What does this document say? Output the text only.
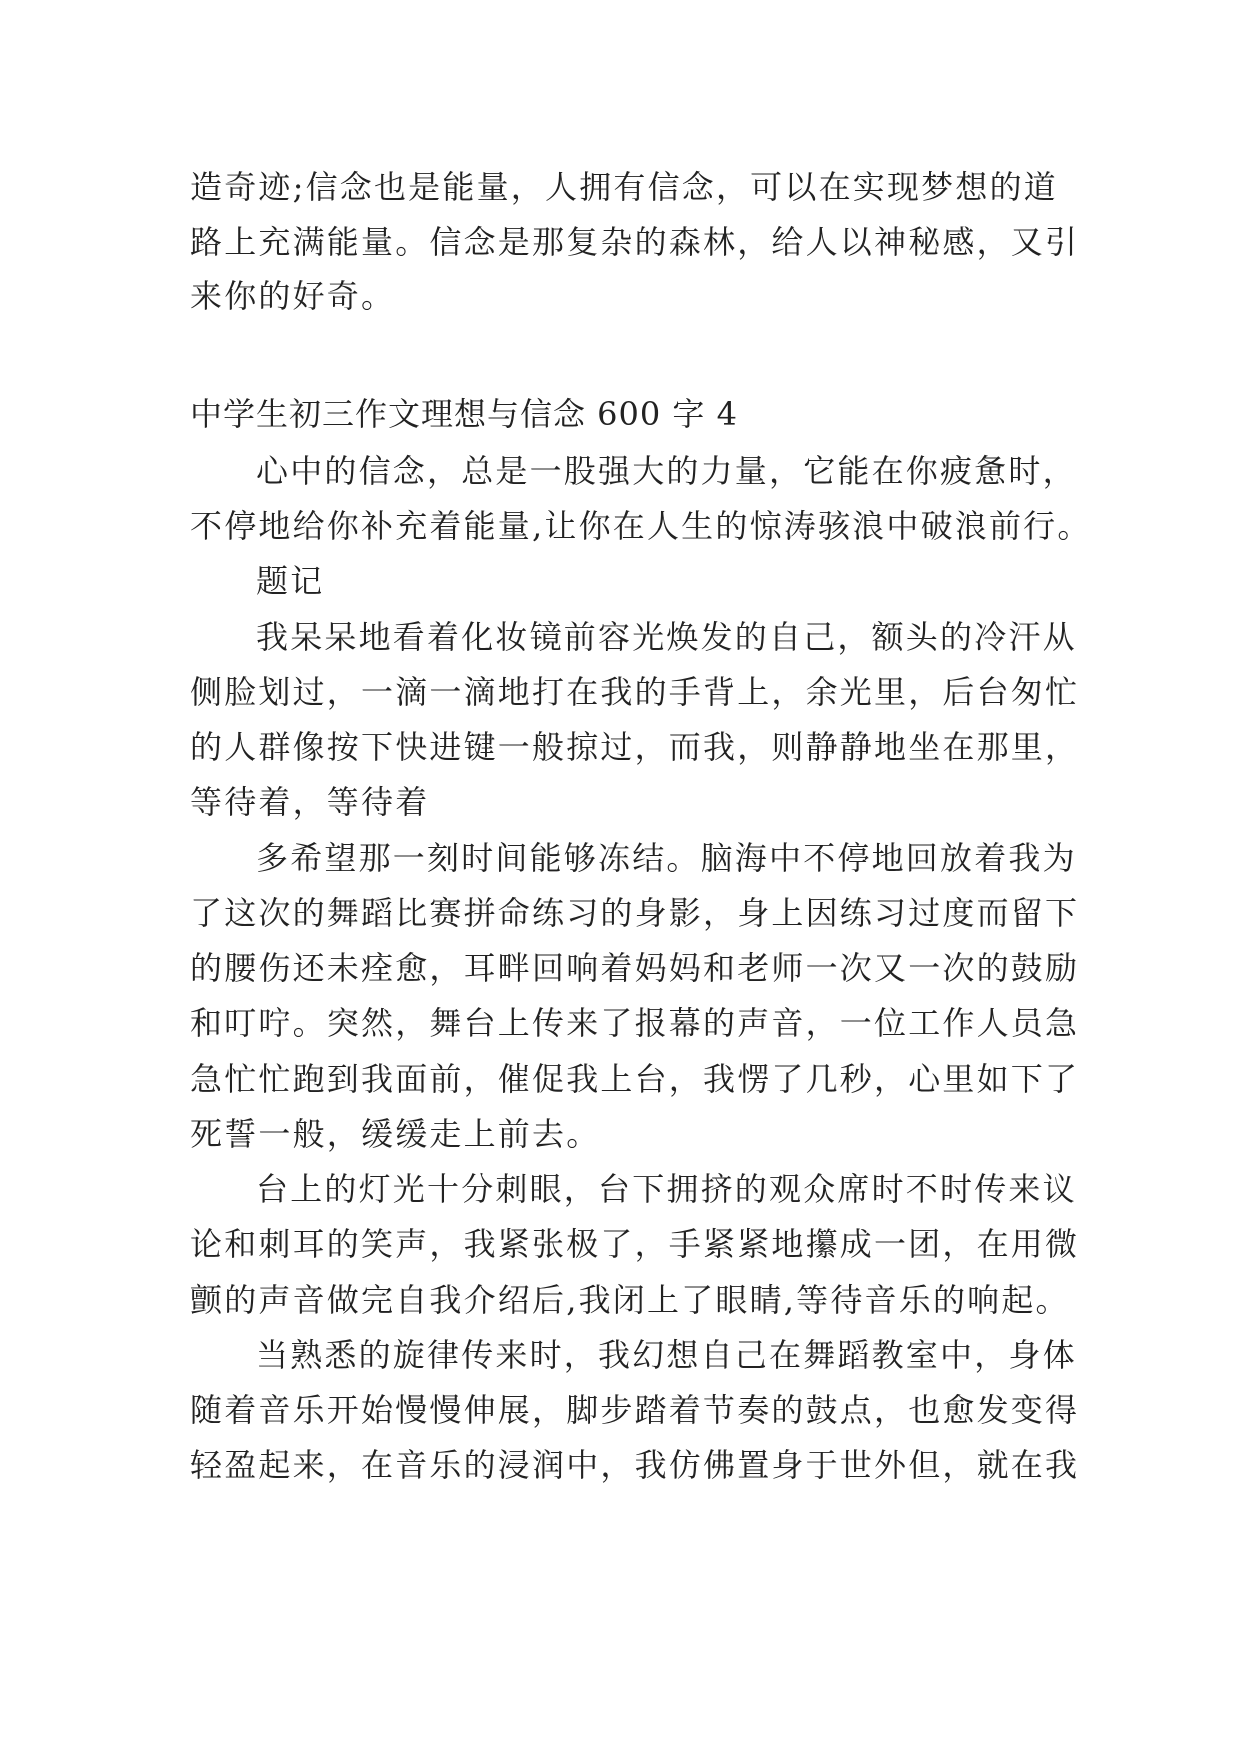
造奇迹;信念也是能量，人拥有信念，可以在实现梦想的道
路上充满能量。信念是那复杂的森林，给人以神秘感，又引
来你的好奇。
中学生初三作文理想与信念 600 字 4
心中的信念，总是一股强大的力量，它能在你疲惫时，
不停地给你补充着能量,让你在人生的惊涛骇浪中破浪前行。
题记
我呆呆地看着化妆镜前容光焕发的自己，额头的冷汗从
侧脸划过，一滴一滴地打在我的手背上，余光里，后台匆忙
的人群像按下快进键一般掠过，而我，则静静地坐在那里，
等待着，等待着
多希望那一刻时间能够冻结。脑海中不停地回放着我为
了这次的舞蹈比赛拼命练习的身影，身上因练习过度而留下
的腰伤还未痊愈，耳畔回响着妈妈和老师一次又一次的鼓励
和叮咛。突然，舞台上传来了报幕的声音，一位工作人员急
急忙忙跑到我面前，催促我上台，我愣了几秒，心里如下了
死誓一般，缓缓走上前去。
台上的灯光十分刺眼，台下拥挤的观众席时不时传来议
论和刺耳的笑声，我紧张极了，手紧紧地攥成一团，在用微
颤的声音做完自我介绍后,我闭上了眼睛,等待音乐的响起。
当熟悉的旋律传来时，我幻想自己在舞蹈教室中，身体
随着音乐开始慢慢伸展，脚步踏着节奏的鼓点，也愈发变得
轻盈起来，在音乐的浸润中，我仿佛置身于世外但，就在我
